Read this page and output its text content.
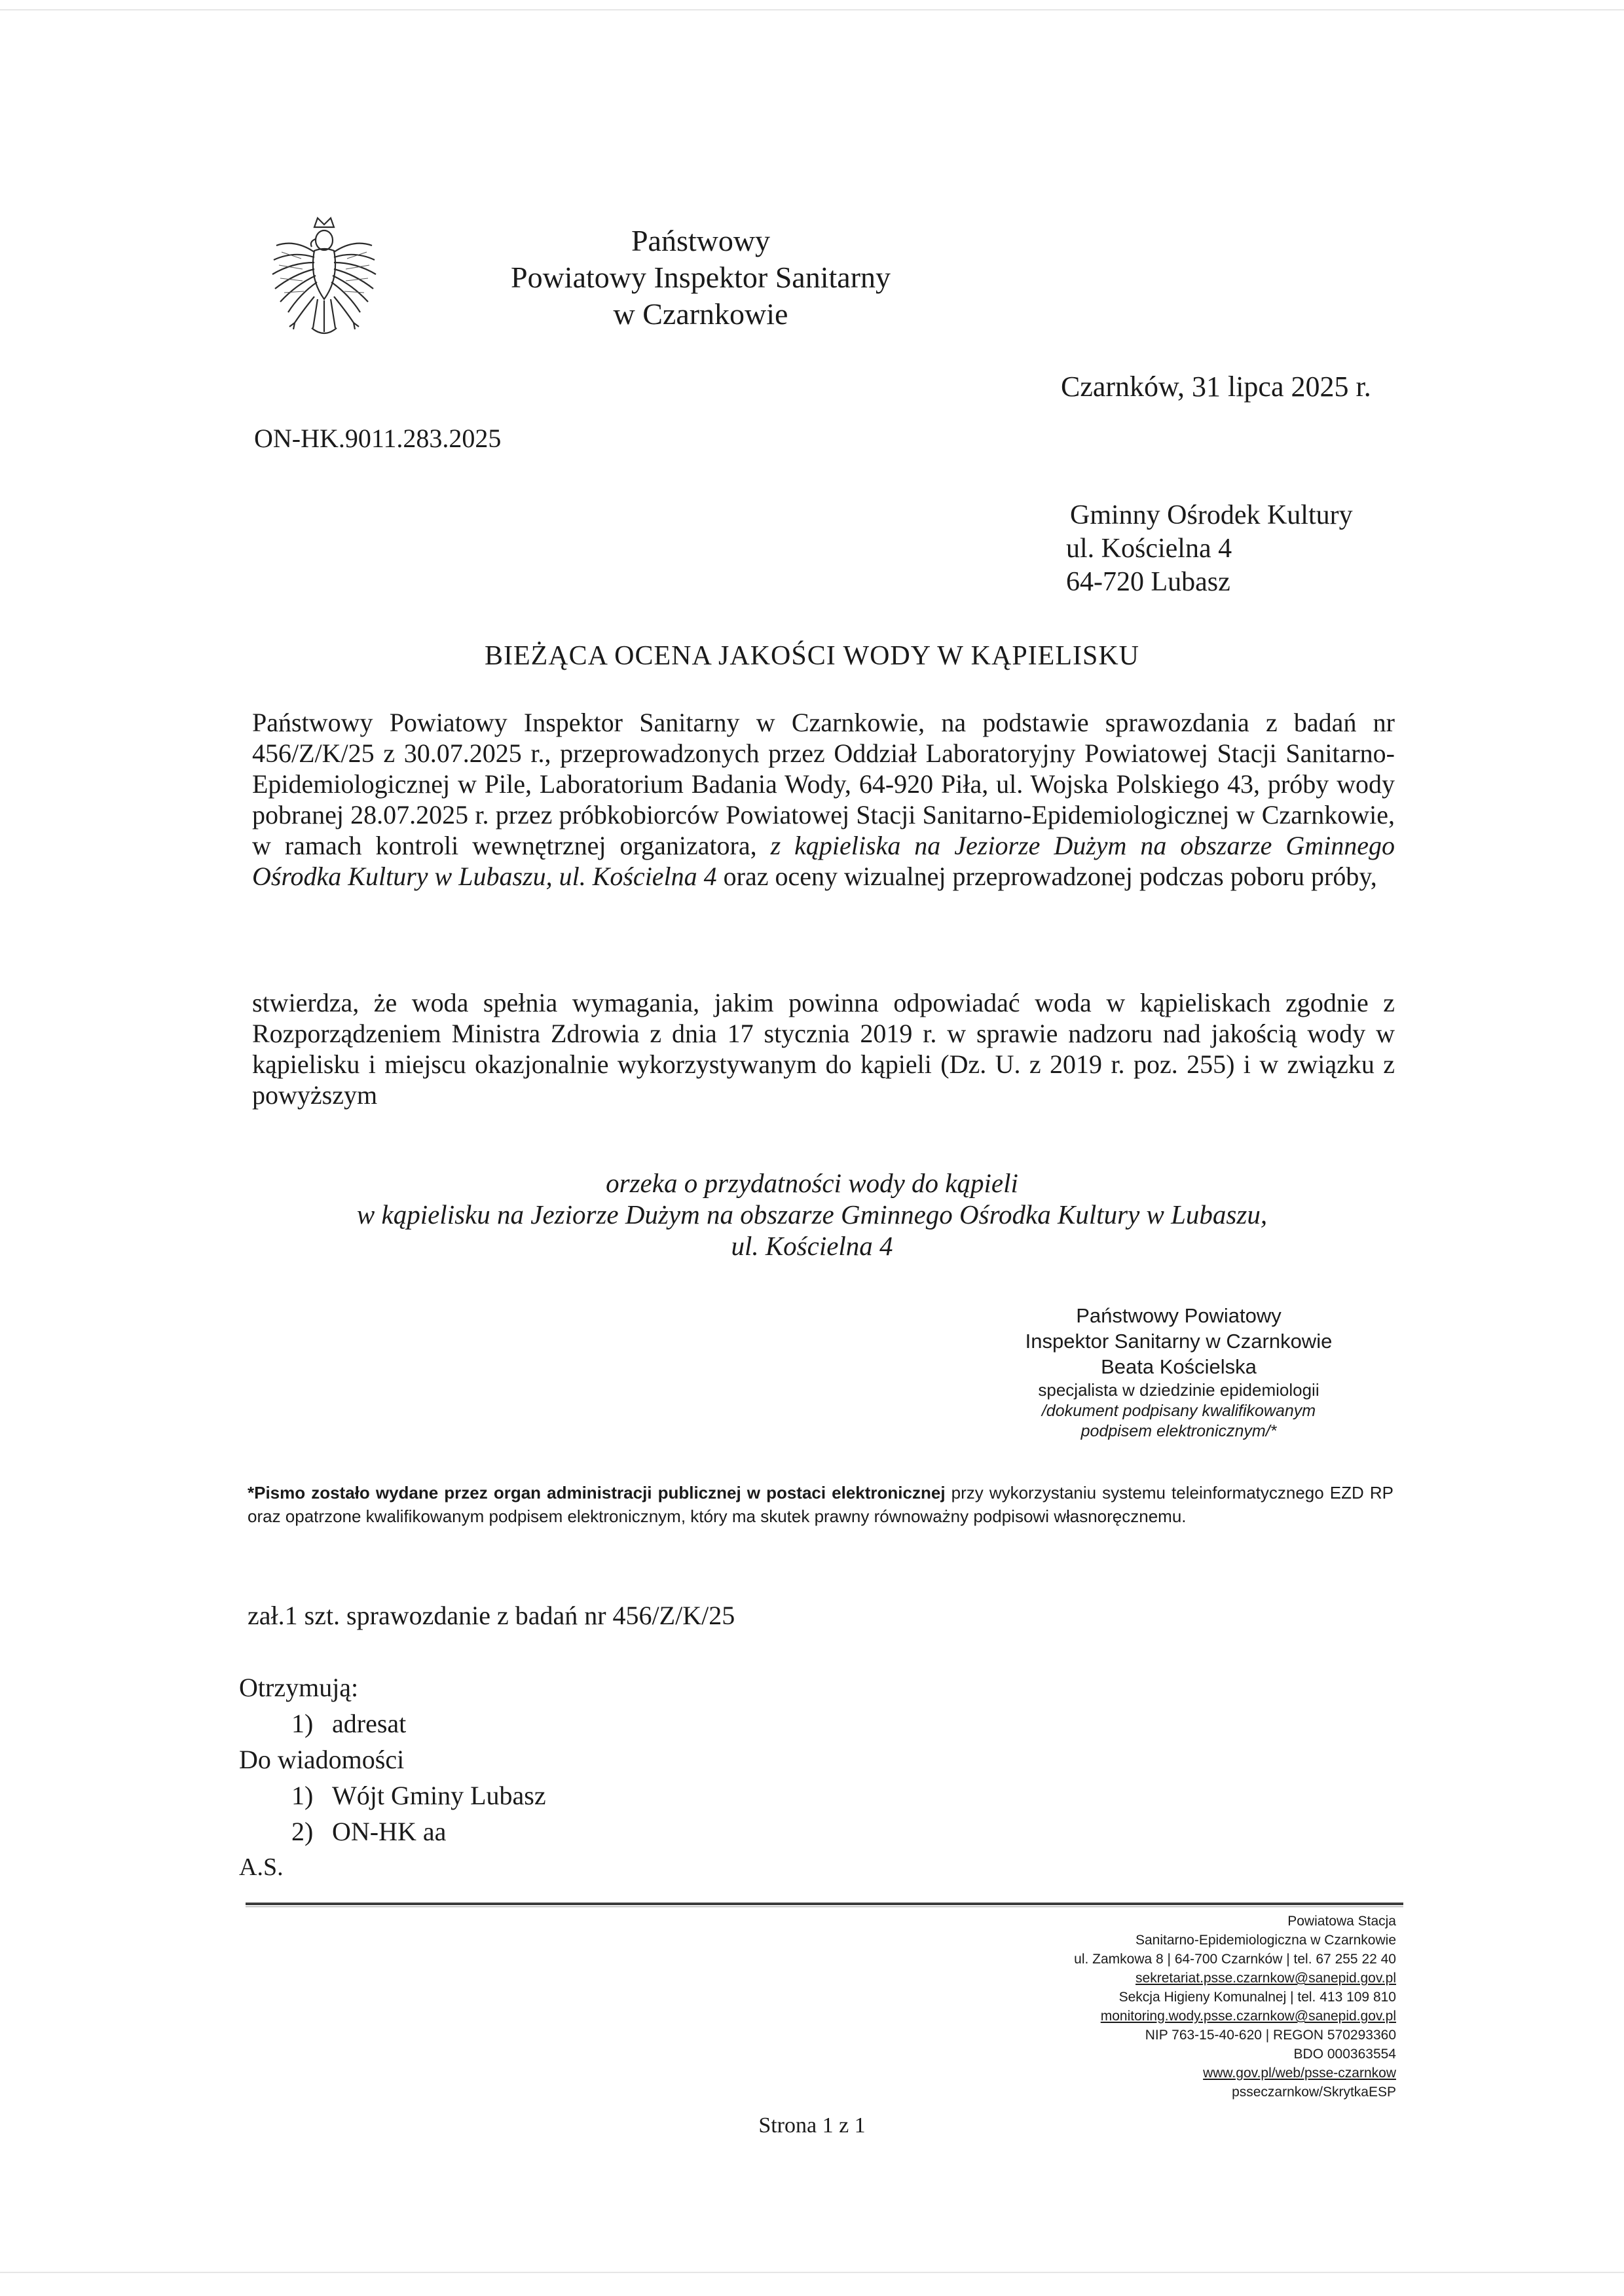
Państwowy
Powiatowy Inspektor Sanitarny
w Czarnkowie
Czarnków, 31 lipca 2025 r.
ON-HK.9011.283.2025
Gminny Ośrodek Kultury
ul. Kościelna 4
64-720 Lubasz
BIEŻĄCA OCENA JAKOŚCI WODY W KĄPIELISKU

Państwowy Powiatowy Inspektor Sanitarny w Czarnkowie, na podstawie sprawozdania z badań nr 456/Z/K/25 z 30.07.2025 r., przeprowadzonych przez Oddział Laboratoryjny Powiatowej Stacji Sanitarno-Epidemiologicznej w Pile, Laboratorium Badania Wody, 64-920 Piła, ul. Wojska Polskiego 43, próby wody pobranej 28.07.2025 r. przez próbkobiorców Powiatowej Stacji Sanitarno-Epidemiologicznej w Czarnkowie, w ramach kontroli wewnętrznej organizatora, z kąpieliska na Jeziorze Dużym na obszarze Gminnego Ośrodka Kultury w Lubaszu, ul. Kościelna 4 oraz oceny wizualnej przeprowadzonej podczas poboru próby,

stwierdza, że woda spełnia wymagania, jakim powinna odpowiadać woda w kąpieliskach zgodnie z Rozporządzeniem Ministra Zdrowia z dnia 17 stycznia 2019 r. w sprawie nadzoru nad jakością wody w kąpielisku i miejscu okazjonalnie wykorzystywanym do kąpieli (Dz. U. z 2019 r. poz. 255) i w związku z powyższym

orzeka o przydatności wody do kąpieli
w kąpielisku na Jeziorze Dużym na obszarze Gminnego Ośrodka Kultury w Lubaszu,
ul. Kościelna 4
Państwowy Powiatowy
Inspektor Sanitarny w Czarnkowie
Beata Kościelska
specjalista w dziedzinie epidemiologii
/dokument podpisany kwalifikowanym
podpisem elektronicznym/*
*Pismo zostało wydane przez organ administracji publicznej w postaci elektronicznej przy wykorzystaniu systemu teleinformatycznego EZD RP oraz opatrzone kwalifikowanym podpisem elektronicznym, który ma skutek prawny równoważny podpisowi własnoręcznemu.
zał.1 szt. sprawozdanie z badań nr 456/Z/K/25
Otrzymują:
1) adresat
Do wiadomości
1) Wójt Gminy Lubasz
2) ON-HK aa
A.S.
Powiatowa Stacja
Sanitarno-Epidemiologiczna w Czarnkowie
ul. Zamkowa 8 | 64-700 Czarnków | tel. 67 255 22 40
sekretariat.psse.czarnkow@sanepid.gov.pl
Sekcja Higieny Komunalnej | tel. 413 109 810
monitoring.wody.psse.czarnkow@sanepid.gov.pl
NIP 763-15-40-620 | REGON 570293360
BDO 000363554
www.gov.pl/web/psse-czarnkow
psseczarnkow/SkrytkaESP
Strona 1 z 1
